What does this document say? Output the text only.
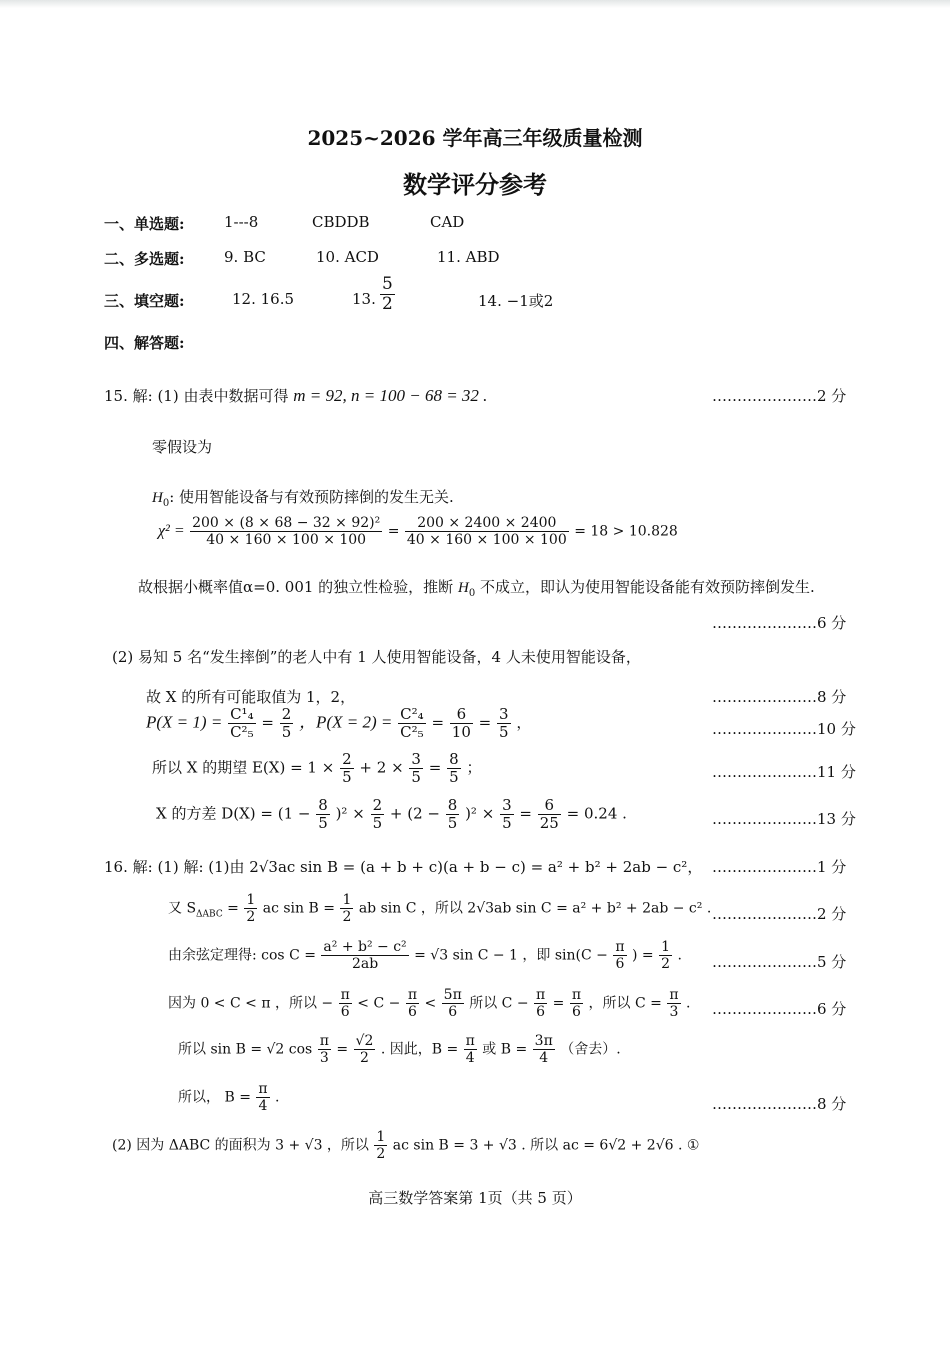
2025~2026 学年高三年级质量检测
数学评分参考
一、单选题:	1---8	CBDDB	CAD
二、多选题:	9. BC	10. ACD	11. ABD
三、填空题:	12. 16.5	13. $\frac{5}{2}$	14. −1或2
四、解答题:
15. 解: (1) 由表中数据可得 m = 92, n = 100 − 68 = 32 .	…………………2 分
零假设为
$H_0$: 使用智能设备与有效预防摔倒的发生无关.
$\chi^2 = \frac{\text{200 × (8 × 68 − 32 × 92)²}}{40 \times 160 \times 100 \times 100} = \frac{200 \times 2400 \times 2400}{40 \times 160 \times 100 \times 100} = 18 > 10.828$
故根据小概率值α=0. 001 的独立性检验，推断 $H_0$ 不成立，即认为使用智能设备能有效预防摔倒发生.
…………………6 分
(2) 易知 5 名“发生摔倒”的老人中有 1 人使用智能设备，4 人未使用智能设备，
故 X 的所有可能取值为 1，2，	…………………8 分
$P(X = 1) = \frac{\text{C¹₄}}{\text{C²₅}} = \frac{2}{5}$ ，$P(X = 2) = \frac{\text{C²₄}}{\text{C²₅}} = \frac{6}{10} = \frac{3}{5}$ ，	…………………10 分
所以 X 的期望 $E(X) = 1 \times \frac{2}{5} + 2 \times \frac{3}{5} = \frac{8}{5}$ ；	…………………11 分
X 的方差 $D(X) = (1 - \frac{8}{5} )^2 \times \frac{2}{5} + (2 - \frac{8}{5} )^2 \times \frac{3}{5} = \frac{6}{25} = 0.24$ .	…………………13 分
16. 解: (1) 解: (1)由 2√3ac sin B = (a + b + c)(a + b − c) = a² + b² + 2ab − c²， …………………1 分
又 $S_{\Delta ABC} = \frac{1}{2}$ ac $\sin B = \frac{1}{2}$ ab sin C ，所以 2√3ab sin C = a² + b² + 2ab − c² . …………………2 分
由余弦定理得: $\cos C = \frac{\text{a² + b² − c²}}{2ab} = √3$ sin C − 1 ，即 $\sin(C - \frac{\pi}{6}$ ) = $\frac{1}{2}$ . …………………5 分
因为 0 < C < π ，所以 − $\frac{\pi}{6} < C - \frac{\pi}{6} < \frac{5\pi}{6}$ 所以 $C - \frac{\pi}{6} = \frac{\pi}{6}$ ，所以 $C = \frac{\pi}{3}$ . …………………6 分
所以 sin B = √2 $\cos \frac{\pi}{3} = \frac{√2}{2}$ . 因此，$B = \frac{\pi}{4}$ 或 $B = \frac{3\pi}{4}$ （舍去）.
所以， $B = \frac{\pi}{4}$ .	…………………8 分
(2) 因为 ΔABC 的面积为 3 + √3 ，所以 $\frac{1}{2}$ ac sin B = 3 + √3 . 所以 ac = 6√2 + 2√6 . ①
高三数学答案第 1页（共 5 页）
